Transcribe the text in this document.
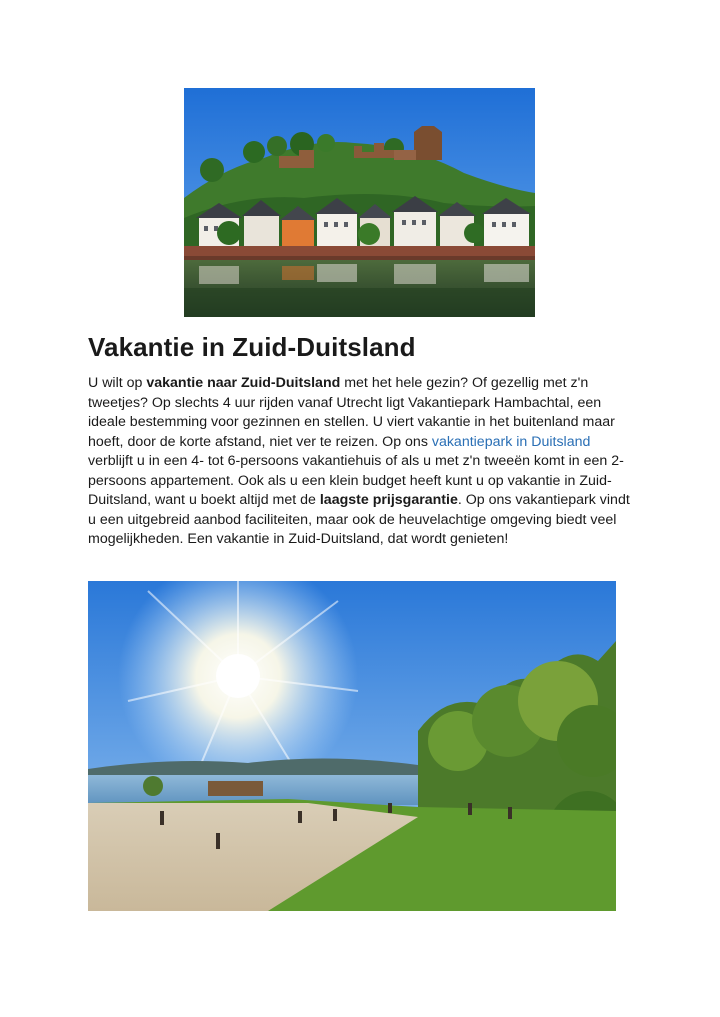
Vakantie in Zuid-Duitsland

U wilt op vakantie naar Zuid-Duitsland met het hele gezin? Of gezellig met z'n tweetjes? Op slechts 4 uur rijden vanaf Utrecht ligt Vakantiepark Hambachtal, een ideale bestemming voor gezinnen en stellen. U viert vakantie in het buitenland maar hoeft, door de korte afstand, niet ver te reizen. Op ons vakantiepark in Duitsland verblijft u in een 4- tot 6-persoons vakantiehuis of als u met z'n tweeën komt in een 2-persoons appartement. Ook als u een klein budget heeft kunt u op vakantie in Zuid-Duitsland, want u boekt altijd met de laagste prijsgarantie. Op ons vakantiepark vindt u een uitgebreid aanbod faciliteiten, maar ook de heuvelachtige omgeving biedt veel mogelijkheden. Een vakantie in Zuid-Duitsland, dat wordt genieten!
